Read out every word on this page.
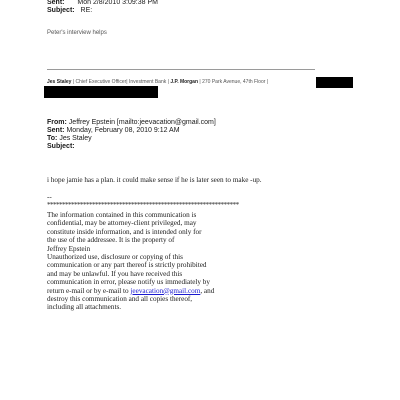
Sent: Mon 2/8/2010 3:09:38 PM
Subject: RE:
Peter's interview helps
Jes Staley | Chief Executive Officer| Investment Bank | J.P. Morgan | 270 Park Avenue, 47th Floor |
From: Jeffrey Epstein [mailto:jeevacation@gmail.com]
Sent: Monday, February 08, 2010 9:12 AM
To: Jes Staley
Subject:
i hope jamie has a plan. it could make sense if he is later seen to make -up.
--
****************************************************************
The information contained in this communication is
confidential, may be attorney-client privileged, may
constitute inside information, and is intended only for
the use of the addressee. It is the property of
Jeffrey Epstein
Unauthorized use, disclosure or copying of this
communication or any part thereof is strictly prohibited
and may be unlawful. If you have received this
communication in error, please notify us immediately by
return e-mail or by e-mail to jeevacation@gmail.com, and
destroy this communication and all copies thereof,
including all attachments.
